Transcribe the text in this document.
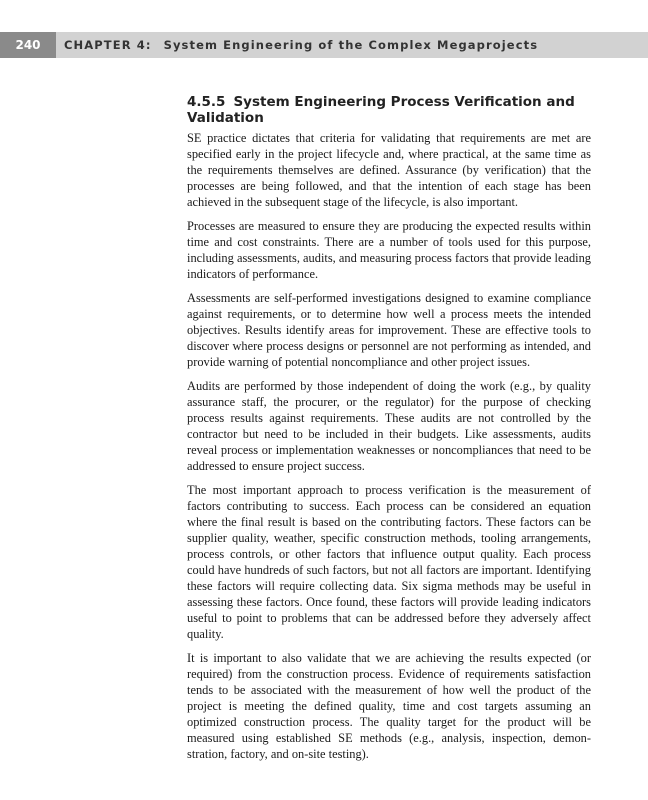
240	CHAPTER 4: System Engineering of the Complex Megaprojects
4.5.5 System Engineering Process Verification and Validation

SE practice dictates that criteria for validating that requirements are met are specified early in the project lifecycle and, where practical, at the same time as the requirements themselves are defined. Assurance (by verification) that the processes are being followed, and that the intention of each stage has been achieved in the subsequent stage of the lifecycle, is also important.

Processes are measured to ensure they are producing the expected results within time and cost constraints. There are a number of tools used for this purpose, including assessments, audits, and measuring process factors that provide leading indicators of performance.

Assessments are self-performed investigations designed to examine compliance against requirements, or to determine how well a process meets the intended objectives. Results identify areas for improvement. These are effective tools to discover where process designs or personnel are not performing as intended, and provide warning of potential noncompliance and other project issues.

Audits are performed by those independent of doing the work (e.g., by quality assurance staff, the procurer, or the regulator) for the purpose of checking process results against requirements. These audits are not controlled by the contractor but need to be included in their budgets. Like assessments, audits reveal process or implementation weaknesses or noncompliances that need to be addressed to ensure project success.

The most important approach to process verification is the measurement of factors contributing to success. Each process can be considered an equation where the final result is based on the contributing factors. These factors can be supplier quality, weather, specific construction methods, tooling arrangements, process controls, or other factors that influence output quality. Each process could have hundreds of such factors, but not all factors are important. Identifying these factors will require collecting data. Six sigma methods may be useful in assessing these factors. Once found, these factors will provide leading indicators useful to point to problems that can be addressed before they adversely affect quality.

It is important to also validate that we are achieving the results expected (or required) from the construction process. Evidence of requirements satisfaction tends to be associated with the measurement of how well the product of the project is meeting the defined quality, time and cost targets assuming an optimized construction process. The quality target for the product will be measured using established SE methods (e.g., analysis, inspection, demonstration, factory, and on-site testing).
